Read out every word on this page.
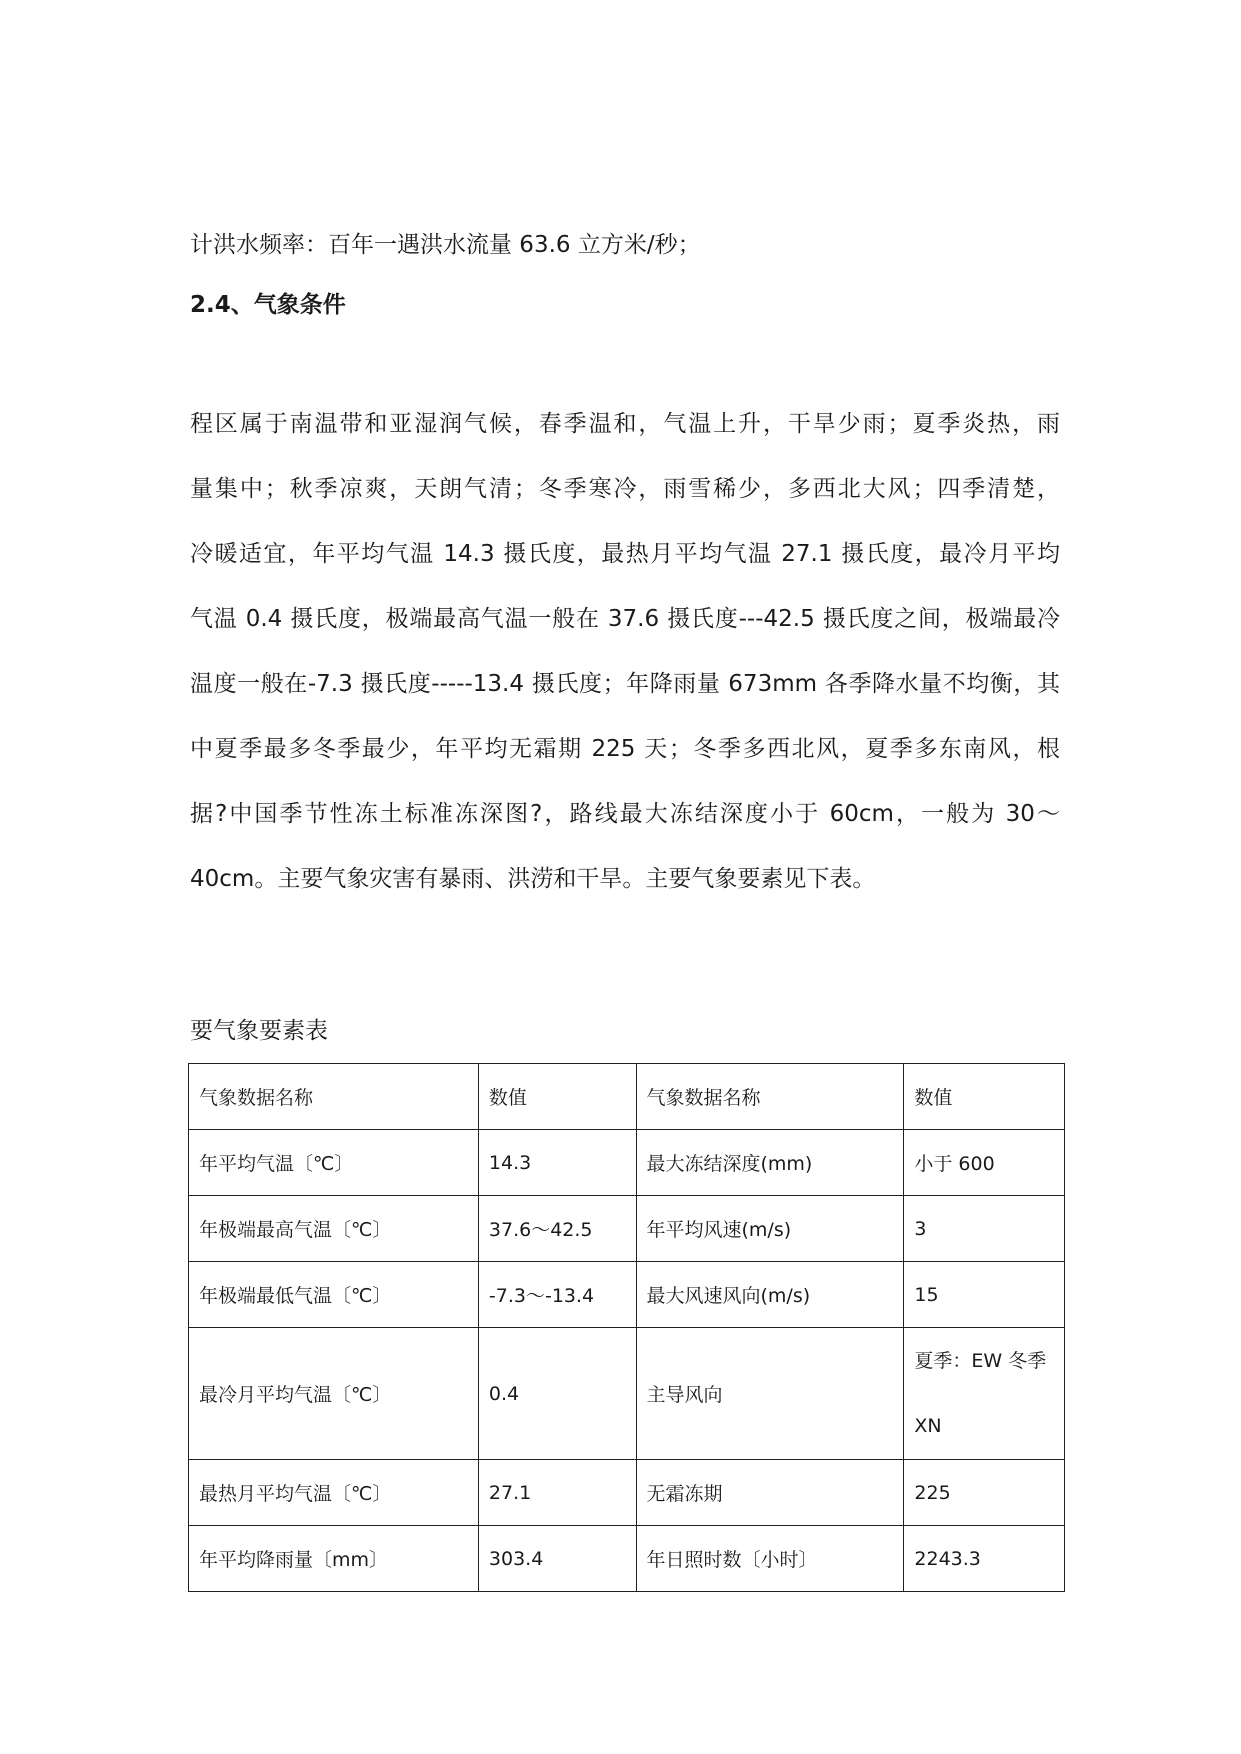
计洪水频率：百年一遇洪水流量 63.6 立方米/秒；
2.4、气象条件
程区属于南温带和亚湿润气候，春季温和，气温上升，干旱少雨；夏季炎热，雨
量集中；秋季凉爽，天朗气清；冬季寒冷，雨雪稀少，多西北大风；四季清楚，
冷暖适宜，年平均气温 14.3 摄氏度，最热月平均气温 27.1 摄氏度，最冷月平均
气温 0.4 摄氏度，极端最高气温一般在 37.6 摄氏度---42.5 摄氏度之间，极端最冷
温度一般在-7.3 摄氏度-----13.4 摄氏度；年降雨量 673mm 各季降水量不均衡，其
中夏季最多冬季最少，年平均无霜期 225 天；冬季多西北风，夏季多东南风，根
据?中国季节性冻土标准冻深图?，路线最大冻结深度小于 60cm，一般为 30～
40cm。主要气象灾害有暴雨、洪涝和干旱。主要气象要素见下表。
要气象要素表
气象数据名称	数值	气象数据名称	数值
年平均气温〔℃〕	14.3	最大冻结深度(mm)	小于 600
年极端最高气温〔℃〕	37.6～42.5	年平均风速(m/s)	3
年极端最低气温〔℃〕	-7.3～-13.4	最大风速风向(m/s)	15
最冷月平均气温〔℃〕	0.4	主导风向	夏季：EW 冬季 XN
最热月平均气温〔℃〕	27.1	无霜冻期	225
年平均降雨量〔mm〕	303.4	年日照时数〔小时〕	2243.3
